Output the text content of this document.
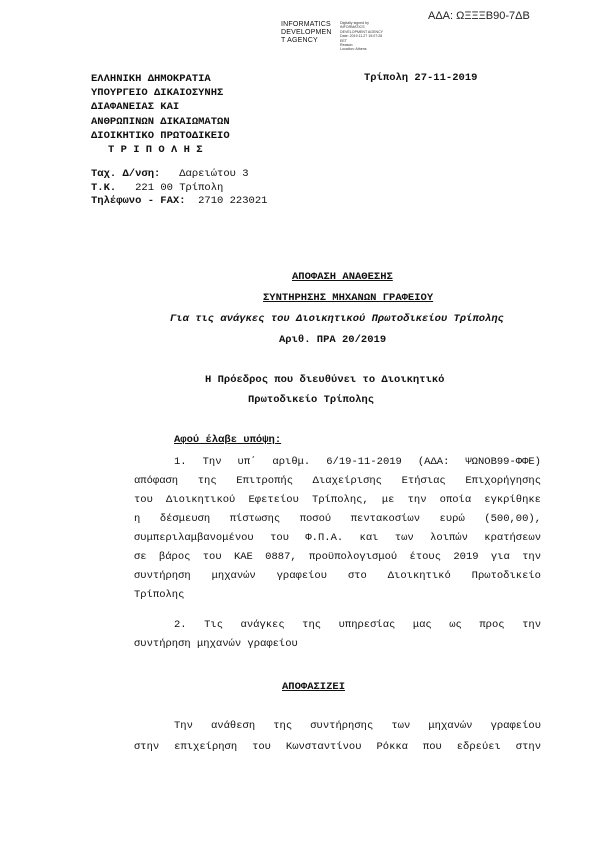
ΑΔΑ: ΩΞΞΞΒ90-7ΔΒ
INFORMATICS
DEVELOPMEN
T AGENCY
Digitally signed by
INFORMATICS
DEVELOPMENT AGENCY
Date: 2019.11.27 15:07:26
EET
Reason:
Location: Athens
ΕΛΛΗΝΙΚΗ ΔΗΜΟΚΡΑΤΙΑ
ΥΠΟΥΡΓΕΙΟ ΔΙΚΑΙΟΣΥΝΗΣ
ΔΙΑΦΑΝΕΙΑΣ ΚΑΙ
ΑΝΘΡΩΠΙΝΩΝ ΔΙΚΑΙΩΜΑΤΩΝ
ΔΙΟΙΚΗΤΙΚΟ ΠΡΩΤΟΔΙΚΕΙΟ
Τ Ρ Ι Π Ο Λ Η Σ
Τρίπολη 27-11-2019
Ταχ. Δ/νση: Δαρειώτου 3
Τ.Κ. 221 00 Τρίπολη
Τηλέφωνο - FAX: 2710 223021
ΑΠΟΦΑΣΗ ΑΝΑΘΕΣΗΣ
ΣΥΝΤΗΡΗΣΗΣ ΜΗΧΑΝΩΝ ΓΡΑΦΕΙΟΥ
Για τις ανάγκες του Διοικητικού Πρωτοδικείου Τρίπολης
Αριθ. ΠΡΑ 20/2019
Η Πρόεδρος που διευθύνει το Διοικητικό
Πρωτοδικείο Τρίπολης
Αφού έλαβε υπόψη:
1. Την υπ΄ αριθμ. 6/19-11-2019 (ΑΔΑ: ΨΩΝΟΒ99-ΦΦΕ)
απόφαση της Επιτροπής Διαχείρισης Ετήσιας Επιχορήγησης
του Διοικητικού Εφετείου Τρίπολης, με την οποία εγκρίθηκε
η δέσμευση πίστωσης ποσού πεντακοσίων ευρώ (500,00),
συμπεριλαμβανομένου του Φ.Π.Α. και των λοιπών κρατήσεων
σε βάρος του ΚΑΕ 0887, προϋπολογισμού έτους 2019 για την
συντήρηση μηχανών γραφείου στο Διοικητικό Πρωτοδικείο
Τρίπολης
2. Τις ανάγκες της υπηρεσίας μας ως προς την
συντήρηση μηχανών γραφείου
ΑΠΟΦΑΣΙΖΕΙ
Την ανάθεση της συντήρησης των μηχανών γραφείου
στην επιχείρηση του Κωνσταντίνου Ρόκκα που εδρεύει στην
